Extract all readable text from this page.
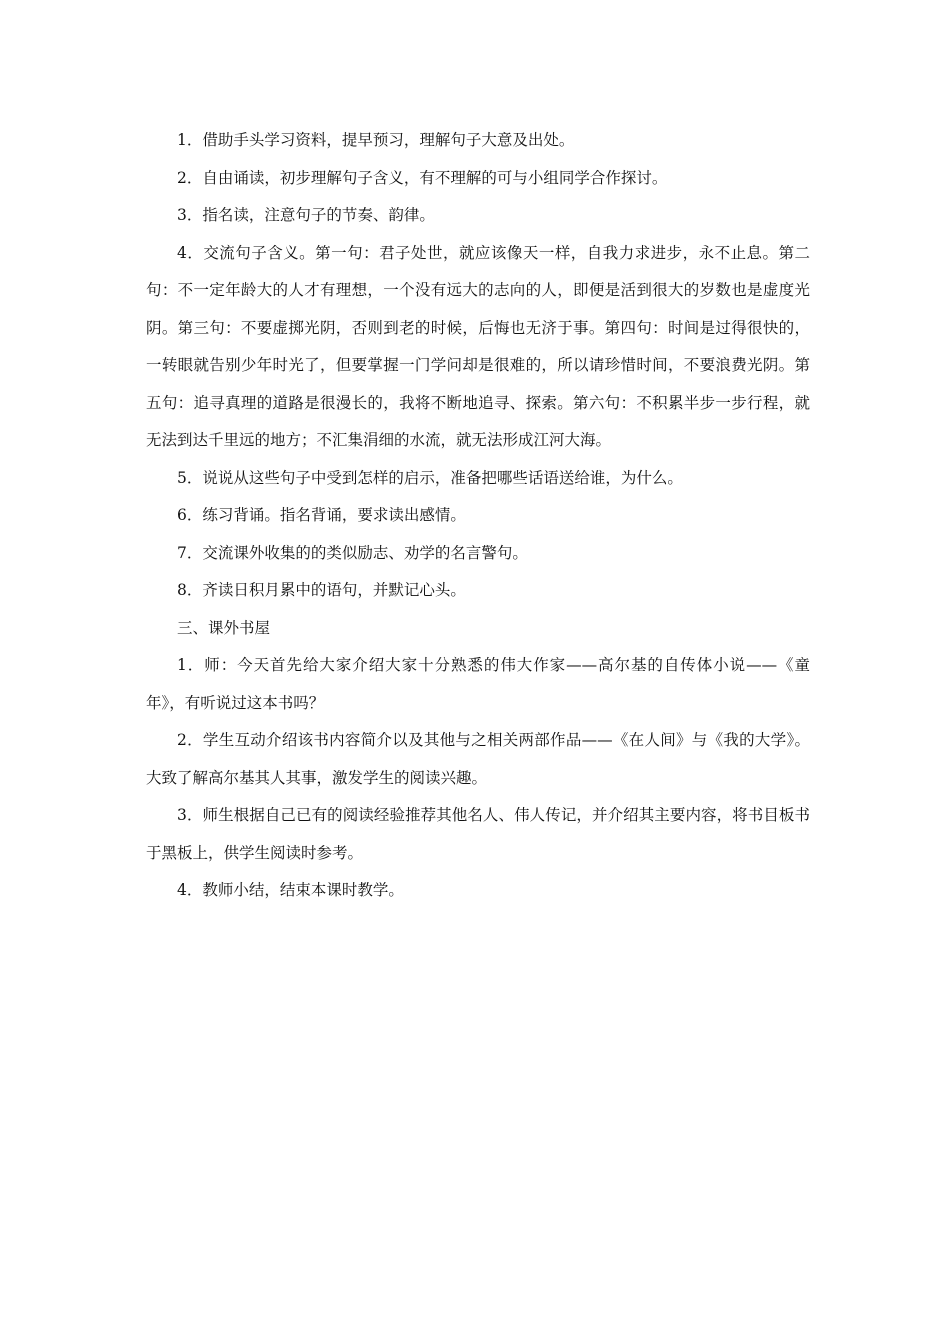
1．借助手头学习资料，提早预习，理解句子大意及出处。

2．自由诵读，初步理解句子含义，有不理解的可与小组同学合作探讨。

3．指名读，注意句子的节奏、韵律。

4．交流句子含义。第一句：君子处世，就应该像天一样，自我力求进步，永不止息。第二句：不一定年龄大的人才有理想，一个没有远大的志向的人，即便是活到很大的岁数也是虚度光阴。第三句：不要虚掷光阴，否则到老的时候，后悔也无济于事。第四句：时间是过得很快的，一转眼就告别少年时光了，但要掌握一门学问却是很难的，所以请珍惜时间，不要浪费光阴。第五句：追寻真理的道路是很漫长的，我将不断地追寻、探索。第六句：不积累半步一步行程，就无法到达千里远的地方；不汇集涓细的水流，就无法形成江河大海。

5．说说从这些句子中受到怎样的启示，准备把哪些话语送给谁，为什么。

6．练习背诵。指名背诵，要求读出感情。

7．交流课外收集的的类似励志、劝学的名言警句。

8．齐读日积月累中的语句，并默记心头。

三、课外书屋

1．师：今天首先给大家介绍大家十分熟悉的伟大作家——高尔基的自传体小说——《童年》，有听说过这本书吗？

2．学生互动介绍该书内容简介以及其他与之相关两部作品——《在人间》与《我的大学》。大致了解高尔基其人其事，激发学生的阅读兴趣。

3．师生根据自己已有的阅读经验推荐其他名人、伟人传记，并介绍其主要内容，将书目板书于黑板上，供学生阅读时参考。

4．教师小结，结束本课时教学。
